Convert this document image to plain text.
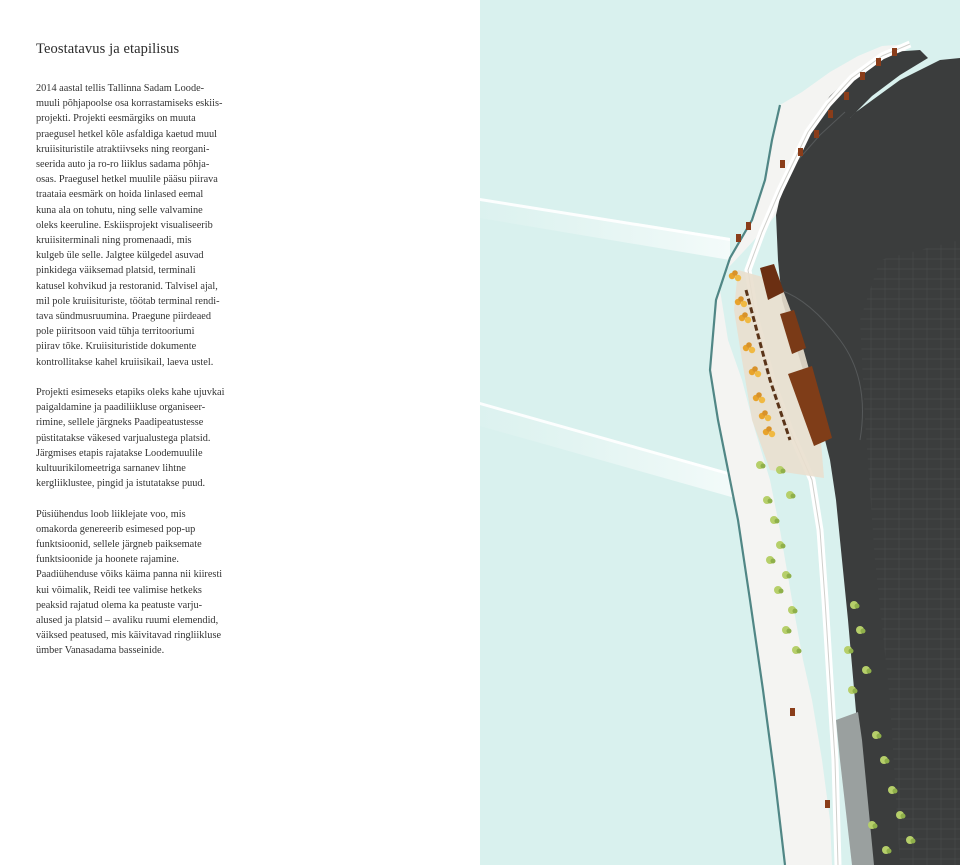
Teostatavus ja etapilisus

2014 aastal tellis Tallinna Sadam Loode-
muuli põhjapoolse osa korrastamiseks eskiis-
projekti. Projekti eesmärgiks on muuta
praegusel hetkel kõle asfaldiga kaetud muul
kruiisituristile atraktiivseks ning reorgani-
seerida auto ja ro-ro liiklus sadama põhja-
osas. Praegusel hetkel muulile pääsu piirava
traataia eesmärk on hoida linlased eemal
kuna ala on tohutu, ning selle valvamine
oleks keeruline. Eskiisprojekt visualiseerib
kruiisiterminali ning promenaadi, mis
kulgeb üle selle. Jalgtee külgedel asuvad
pinkidega väiksemad platsid, terminali
katusel kohvikud ja restoranid. Talvisel ajal,
mil pole kruiisituriste, töötab terminal rendi-
tava sündmusruumina. Praegune piirdeaed
pole piiritsoon vaid tühja territooriumi
piirav tõke. Kruiisituristide dokumente
kontrollitakse kahel kruiisikail, laeva ustel.

Projekti esimeseks etapiks oleks kahe ujuvkai
paigaldamine ja paadiliikluse organiseer-
rimine, sellele järgneks Paadipeatustesse
püstitatakse väkesed varjualustega platsid.
Järgmises etapis rajatakse Loodemuulile
kultuurikilomeetriga sarnanev lihtne
kergliiklustee, pingid ja istutatakse puud.

Püsiühendus loob liiklejate voo, mis
omakorda genereerib esimesed pop-up
funktsioonid, sellele järgneb paiksemate
funktsioonide ja hoonete rajamine.
Paadiühenduse võiks käima panna nii kiiresti
kui võimalik, Reidi tee valimise hetkeks
peaksid rajatud olema ka peatuste varju-
alused ja platsid – avaliku ruumi elemendid,
väiksed peatused, mis käivitavad ringliikluse
ümber Vanasadama basseinide.
